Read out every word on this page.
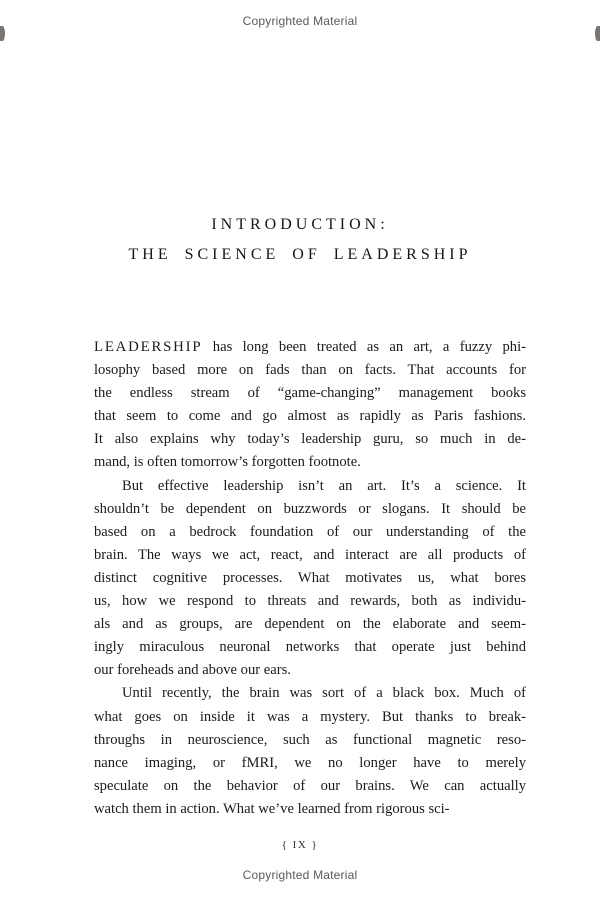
Copyrighted Material
INTRODUCTION:
THE SCIENCE OF LEADERSHIP
LEADERSHIP has long been treated as an art, a fuzzy phi-
losophy based more on fads than on facts. That accounts for
the endless stream of “game-changing” management books
that seem to come and go almost as rapidly as Paris fashions.
It also explains why today’s leadership guru, so much in de-
mand, is often tomorrow’s forgotten footnote.
But effective leadership isn’t an art. It’s a science. It
shouldn’t be dependent on buzzwords or slogans. It should be
based on a bedrock foundation of our understanding of the
brain. The ways we act, react, and interact are all products of
distinct cognitive processes. What motivates us, what bores
us, how we respond to threats and rewards, both as individu-
als and as groups, are dependent on the elaborate and seem-
ingly miraculous neuronal networks that operate just behind
our foreheads and above our ears.
Until recently, the brain was sort of a black box. Much of
what goes on inside it was a mystery. But thanks to break-
throughs in neuroscience, such as functional magnetic reso-
nance imaging, or fMRI, we no longer have to merely
speculate on the behavior of our brains. We can actually
watch them in action. What we’ve learned from rigorous sci-
{ IX }
Copyrighted Material
